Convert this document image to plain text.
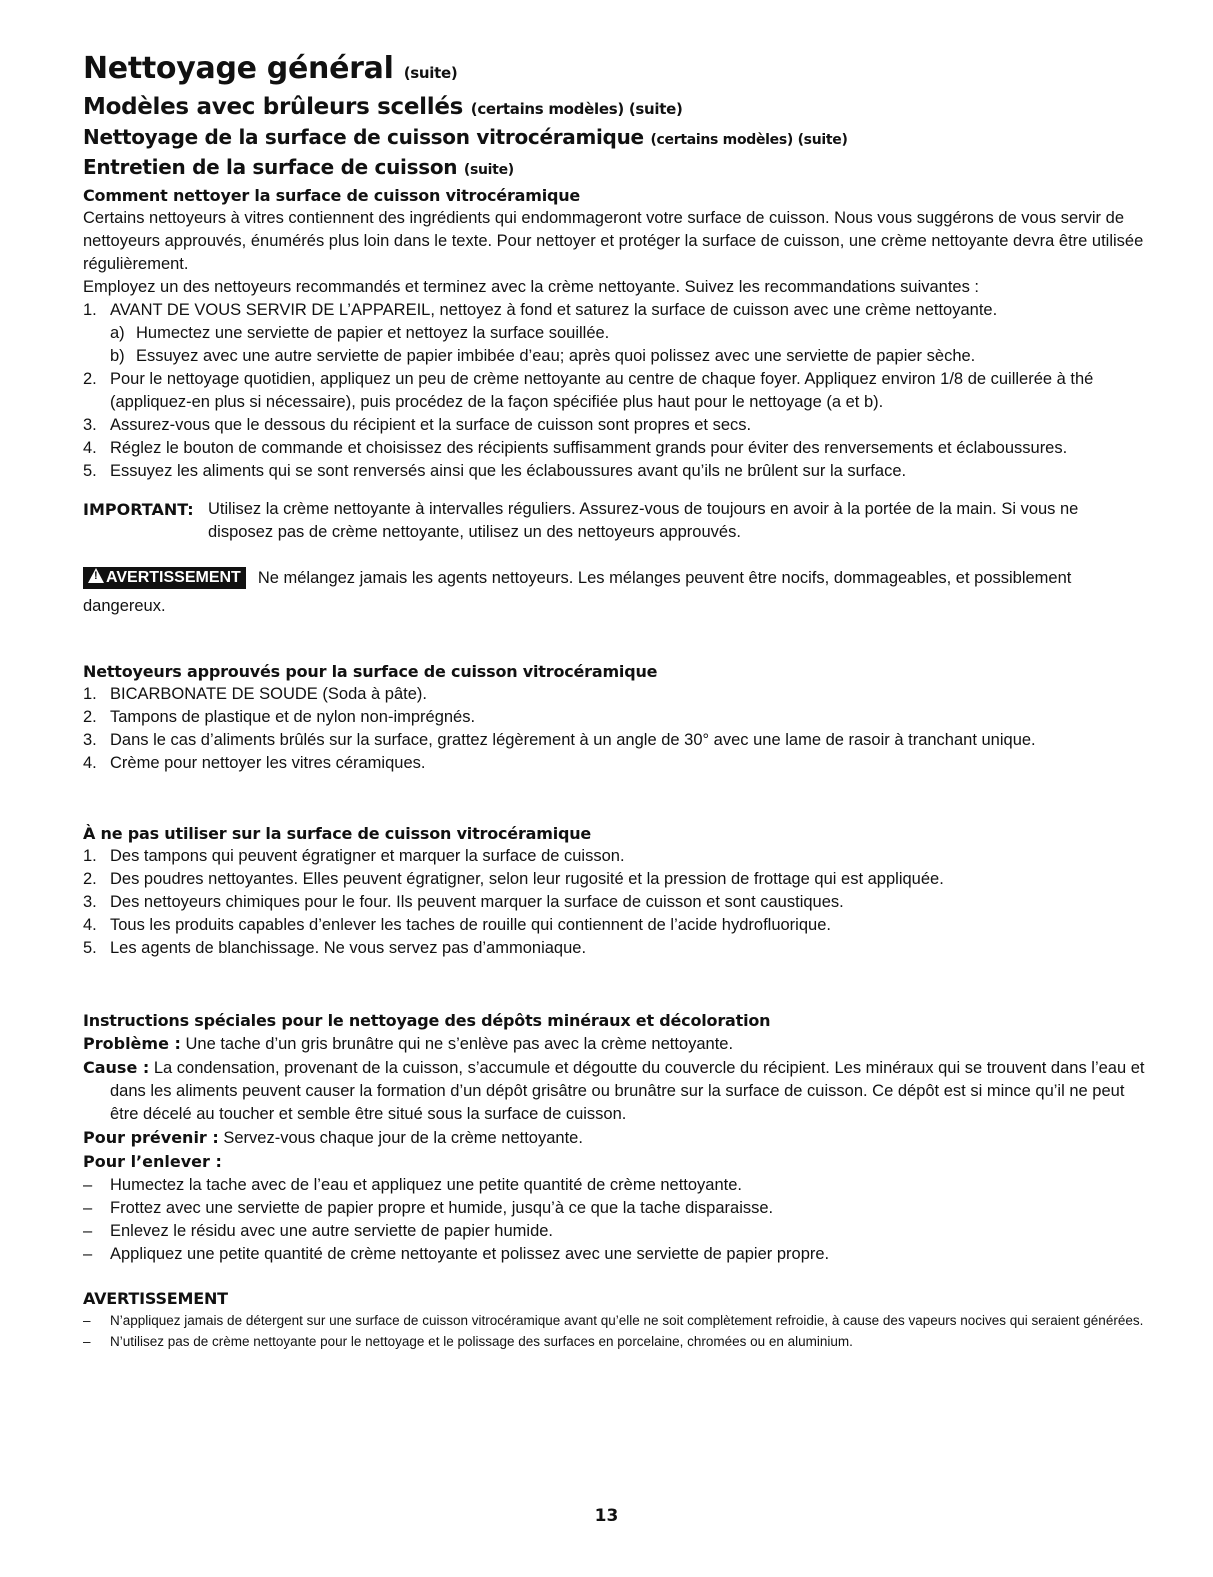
Nettoyage général (suite)
Modèles avec brûleurs scellés (certains modèles) (suite)
Nettoyage de la surface de cuisson vitrocéramique (certains modèles) (suite)
Entretien de la surface de cuisson (suite)
Comment nettoyer la surface de cuisson vitrocéramique

Certains nettoyeurs à vitres contiennent des ingrédients qui endommageront votre surface de cuisson. Nous vous suggérons de vous servir de nettoyeurs approuvés, énumérés plus loin dans le texte. Pour nettoyer et protéger la surface de cuisson, une crème nettoyante devra être utilisée régulièrement.

Employez un des nettoyeurs recommandés et terminez avec la crème nettoyante. Suivez les recommandations suivantes :

1. AVANT DE VOUS SERVIR DE L’APPAREIL, nettoyez à fond et saturez la surface de cuisson avec une crème nettoyante.
a) Humectez une serviette de papier et nettoyez la surface souillée.
b) Essuyez avec une autre serviette de papier imbibée d’eau; après quoi polissez avec une serviette de papier sèche.
2. Pour le nettoyage quotidien, appliquez un peu de crème nettoyante au centre de chaque foyer. Appliquez environ 1/8 de cuillerée à thé (appliquez-en plus si nécessaire), puis procédez de la façon spécifiée plus haut pour le nettoyage (a et b).
3. Assurez-vous que le dessous du récipient et la surface de cuisson sont propres et secs.
4. Réglez le bouton de commande et choisissez des récipients suffisamment grands pour éviter des renversements et éclaboussures.
5. Essuyez les aliments qui se sont renversés ainsi que les éclaboussures avant qu’ils ne brûlent sur la surface.
IMPORTANT: Utilisez la crème nettoyante à intervalles réguliers. Assurez-vous de toujours en avoir à la portée de la main. Si vous ne disposez pas de crème nettoyante, utilisez un des nettoyeurs approuvés.
! AVERTISSEMENT Ne mélangez jamais les agents nettoyeurs. Les mélanges peuvent être nocifs, dommageables, et possiblement dangereux.
Nettoyeurs approuvés pour la surface de cuisson vitrocéramique
1. BICARBONATE DE SOUDE (Soda à pâte).
2. Tampons de plastique et de nylon non-imprégnés.
3. Dans le cas d’aliments brûlés sur la surface, grattez légèrement à un angle de 30° avec une lame de rasoir à tranchant unique.
4. Crème pour nettoyer les vitres céramiques.
À ne pas utiliser sur la surface de cuisson vitrocéramique
1. Des tampons qui peuvent égratigner et marquer la surface de cuisson.
2. Des poudres nettoyantes. Elles peuvent égratigner, selon leur rugosité et la pression de frottage qui est appliquée.
3. Des nettoyeurs chimiques pour le four. Ils peuvent marquer la surface de cuisson et sont caustiques.
4. Tous les produits capables d’enlever les taches de rouille qui contiennent de l’acide hydrofluorique.
5. Les agents de blanchissage. Ne vous servez pas d’ammoniaque.
Instructions spéciales pour le nettoyage des dépôts minéraux et décoloration
Problème : Une tache d’un gris brunâtre qui ne s’enlève pas avec la crème nettoyante.
Cause : La condensation, provenant de la cuisson, s’accumule et dégoutte du couvercle du récipient. Les minéraux qui se trouvent dans l’eau et dans les aliments peuvent causer la formation d’un dépôt grisâtre ou brunâtre sur la surface de cuisson. Ce dépôt est si mince qu’il ne peut être décelé au toucher et semble être situé sous la surface de cuisson.
Pour prévenir : Servez-vous chaque jour de la crème nettoyante.
Pour l’enlever :
– Humectez la tache avec de l’eau et appliquez une petite quantité de crème nettoyante.
– Frottez avec une serviette de papier propre et humide, jusqu’à ce que la tache disparaisse.
– Enlevez le résidu avec une autre serviette de papier humide.
– Appliquez une petite quantité de crème nettoyante et polissez avec une serviette de papier propre.
AVERTISSEMENT
– N’appliquez jamais de détergent sur une surface de cuisson vitrocéramique avant qu’elle ne soit complètement refroidie, à cause des vapeurs nocives qui seraient générées.
– N’utilisez pas de crème nettoyante pour le nettoyage et le polissage des surfaces en porcelaine, chromées ou en aluminium.
13
